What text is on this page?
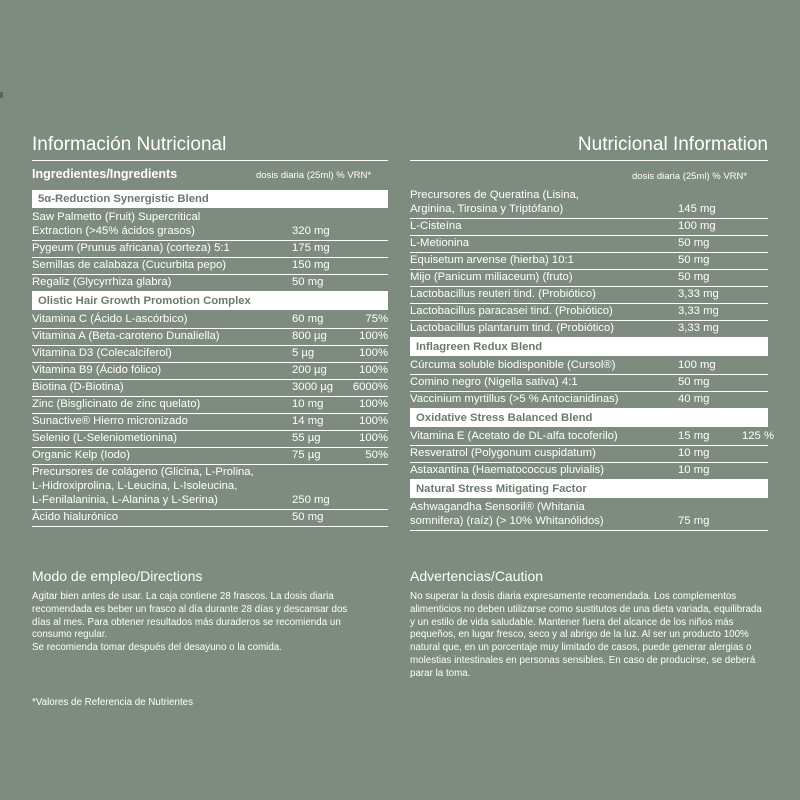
Información Nutricional	Nutricional Information
Ingredientes/Ingredients	dosis diaria (25ml) % VRN*	dosis diaria (25ml) % VRN*
5α-Reduction Synergistic Blend
Saw Palmetto (Fruit) Supercritical
Extraction (>45% ácidos grasos)	320 mg
Pygeum (Prunus africana) (corteza) 5:1	175 mg
Semillas de calabaza (Cucurbita pepo)	150 mg
Regaliz (Glycyrrhiza glabra)	50 mg
Olistic Hair Growth Promotion Complex
Vitamina C (Ácido L-ascórbico)	60 mg	75%
Vitamina A (Beta-caroteno Dunaliella)	800 µg	100%
Vitamina D3 (Colecalciferol)	5 µg	100%
Vitamina B9 (Ácido fólico)	200 µg	100%
Biotina (D-Biotina)	3000 µg 6000%
Zinc (Bisglicinato de zinc quelato)	10 mg	100%
Sunactive® Hierro micronizado	14 mg	100%
Selenio (L-Seleniometionina)	55 µg	100%
Organic Kelp (Iodo)	75 µg	50%
Precursores de colágeno (Glicina, L-Prolina,
L-Hidroxiprolina, L-Leucina, L-Isoleucina,
L-Fenilalaninia, L-Alanina y L-Serina)	250 mg
Ácido hialurónico	50 mg
Precursores de Queratina (Lisina,
Arginina, Tirosina y Triptófano)	145 mg
L-Cisteína	100 mg
L-Metionina	50 mg
Equisetum arvense (hierba) 10:1	50 mg
Mijo (Panicum miliaceum) (fruto)	50 mg
Lactobacillus reuteri tind. (Probiótico)	3,33 mg
Lactobacillus paracasei tind. (Probiótico)	3,33 mg
Lactobacillus plantarum tind. (Probiótico)	3,33 mg
Inflagreen Redux Blend
Cúrcuma soluble biodisponible (Cursol®)	100 mg
Comino negro (Nigella sativa) 4:1	50 mg
Vaccinium myrtillus (>5 % Antocianidinas)	40 mg
Oxidative Stress Balanced Blend
Vitamina E (Acetato de DL-alfa tocoferilo)	15 mg	125 %
Resveratrol (Polygonum cuspidatum)	10 mg
Astaxantina (Haematococcus pluvialis)	10 mg
Natural Stress Mitigating Factor
Ashwagandha Sensoril® (Whitania
somnifera) (raíz) (> 10% Whitanólidos)	75 mg
Modo de empleo/Directions
Agitar bien antes de usar. La caja contiene 28 frascos. La dosis diaria recomendada es beber un frasco al día durante 28 días y descansar dos días al mes. Para obtener resultados más duraderos se recomienda un consumo regular.
Se recomienda tomar después del desayuno o la comida.
Advertencias/Caution
No superar la dosis diaria expresamente recomendada. Los complementos alimenticios no deben utilizarse como sustitutos de una dieta variada, equilibrada y un estilo de vida saludable. Mantener fuera del alcance de los niños más pequeños, en lugar fresco, seco y al abrigo de la luz. Al ser un producto 100% natural que, en un porcentaje muy limitado de casos, puede generar alergias o molestias intestinales en personas sensibles. En caso de producirse, se deberá parar la toma.
*Valores de Referencia de Nutrientes
